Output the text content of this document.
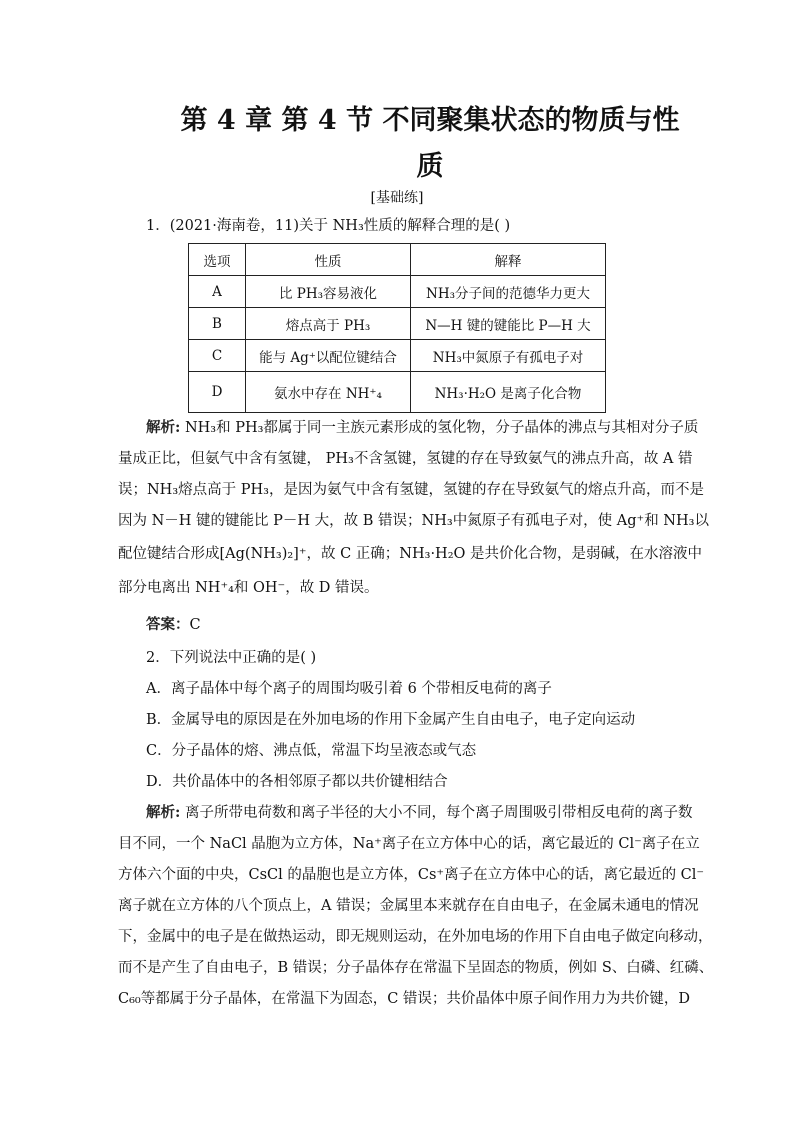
第 4 章 第 4 节 不同聚集状态的物质与性
质
[基础练]
1．(2021·海南卷，11)关于 NH₃性质的解释合理的是( )
选项	性质	解释
A	比 PH₃容易液化	NH₃分子间的范德华力更大
B	熔点高于 PH₃	N—H 键的键能比 P—H 大
C	能与 Ag⁺以配位键结合	NH₃中氮原子有孤电子对
D	氨水中存在 NH⁺₄	NH₃·H₂O 是离子化合物
解析: NH₃和 PH₃都属于同一主族元素形成的氢化物，分子晶体的沸点与其相对分子质
量成正比，但氨气中含有氢键， PH₃不含氢键，氢键的存在导致氨气的沸点升高，故 A 错
误；NH₃熔点高于 PH₃，是因为氨气中含有氢键，氢键的存在导致氨气的熔点升高，而不是
因为 N－H 键的键能比 P－H 大，故 B 错误；NH₃中氮原子有孤电子对，使 Ag⁺和 NH₃以
配位键结合形成[Ag(NH₃)₂]⁺，故 C 正确；NH₃·H₂O 是共价化合物，是弱碱，在水溶液中
部分电离出 NH⁺₄和 OH⁻，故 D 错误。
答案：C
2．下列说法中正确的是( )
A．离子晶体中每个离子的周围均吸引着 6 个带相反电荷的离子
B．金属导电的原因是在外加电场的作用下金属产生自由电子，电子定向运动
C．分子晶体的熔、沸点低，常温下均呈液态或气态
D．共价晶体中的各相邻原子都以共价键相结合
解析: 离子所带电荷数和离子半径的大小不同，每个离子周围吸引带相反电荷的离子数
目不同，一个 NaCl 晶胞为立方体，Na⁺离子在立方体中心的话，离它最近的 Cl⁻离子在立
方体六个面的中央，CsCl 的晶胞也是立方体，Cs⁺离子在立方体中心的话，离它最近的 Cl⁻
离子就在立方体的八个顶点上，A 错误；金属里本来就存在自由电子，在金属未通电的情况
下，金属中的电子是在做热运动，即无规则运动，在外加电场的作用下自由电子做定向移动，
而不是产生了自由电子，B 错误；分子晶体存在常温下呈固态的物质，例如 S、白磷、红磷、
C₆₀等都属于分子晶体，在常温下为固态，C 错误；共价晶体中原子间作用力为共价键，D
